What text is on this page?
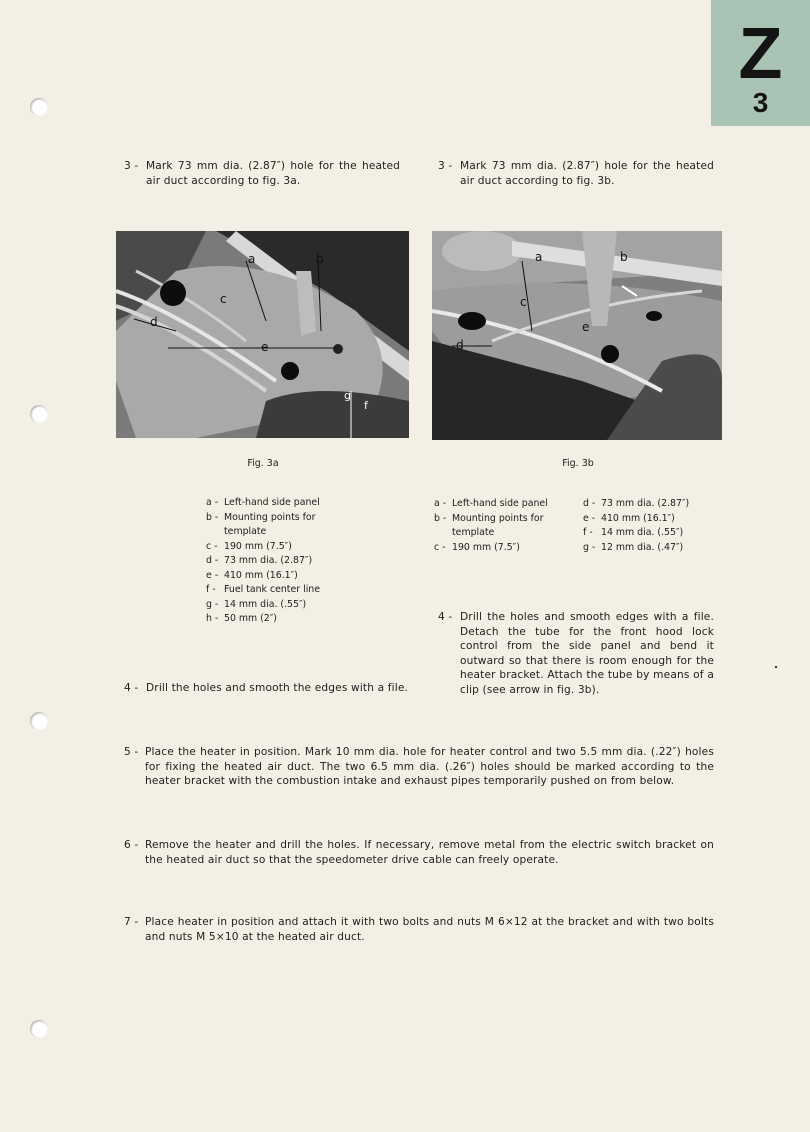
Z
3
3 - Mark 73 mm dia. (2.87″) hole for the heated air duct according to fig. 3a.
3 - Mark 73 mm dia. (2.87″) hole for the heated air duct according to fig. 3b.
a	b
c
d
e
f
g
Fig. 3a
a	b
c
d
e
Fig. 3b
a - Left-hand side panel
b - Mounting points for template
c - 190 mm (7.5″)
d - 73 mm dia. (2.87″)
e - 410 mm (16.1″)
f - Fuel tank center line
g - 14 mm dia. (.55″)
h - 50 mm (2″)
a - Left-hand side panel
b - Mounting points for template
c - 190 mm (7.5″)
d - 73 mm dia. (2.87″)
e - 410 mm (16.1″)
f - 14 mm dia. (.55″)
g - 12 mm dia. (.47″)
4 - Drill the holes and smooth edges with a file. Detach the tube for the front hood lock control from the side panel and bend it outward so that there is room enough for the heater bracket. Attach the tube by means of a clip (see arrow in fig. 3b).
4 - Drill the holes and smooth the edges with a file.
5 - Place the heater in position. Mark 10 mm dia. hole for heater control and two 5.5 mm dia. (.22″) holes for fixing the heated air duct. The two 6.5 mm dia. (.26″) holes should be marked according to the heater bracket with the combustion intake and exhaust pipes temporarily pushed on from below.
6 - Remove the heater and drill the holes. If necessary, remove metal from the electric switch bracket on the heated air duct so that the speedometer drive cable can freely operate.
7 - Place heater in position and attach it with two bolts and nuts M 6×12 at the bracket and with two bolts and nuts M 5×10 at the heated air duct.
